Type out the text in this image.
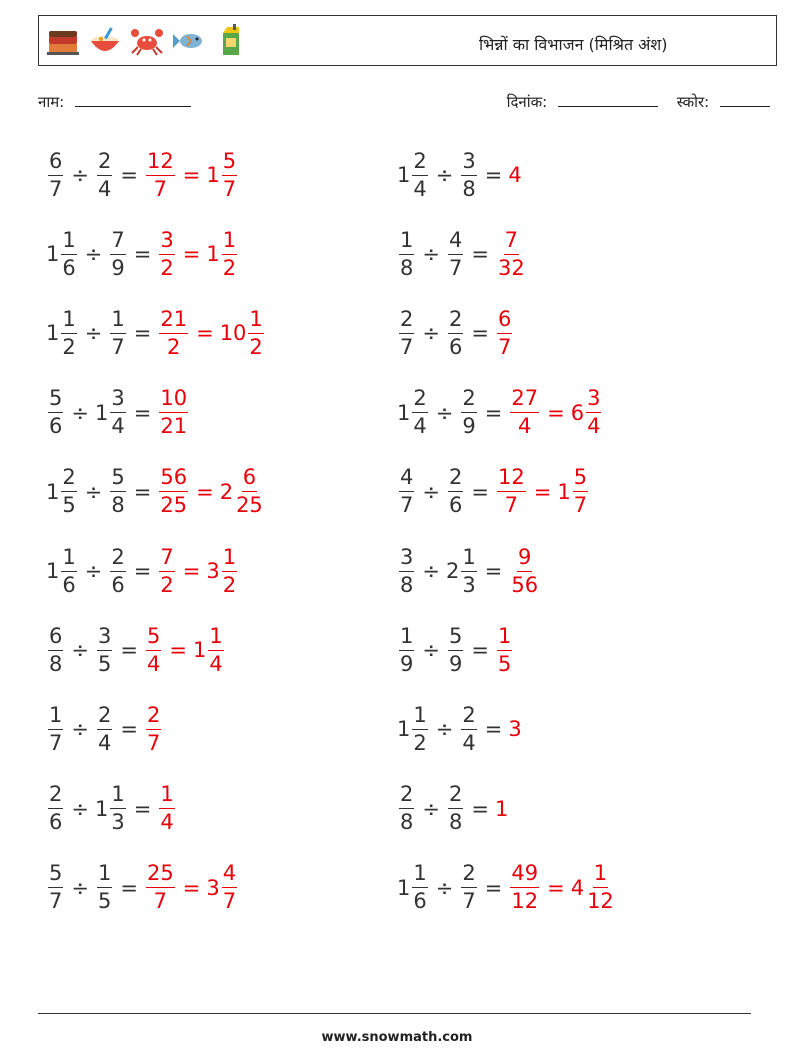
भिन्नों का विभाजन (मिश्रित अंश)
नाम:	दिनांक:	स्कोर:
$\frac{6}{7} \div \frac{2}{4} = \frac{12}{7} = 1 \frac{5}{7}$	$1 \frac{2}{4} \div \frac{3}{8} = 4$
$1 \frac{1}{6} \div \frac{7}{9} = \frac{3}{2} = 1 \frac{1}{2}$	$\frac{1}{8} \div \frac{4}{7} = \frac{7}{32}$
$1 \frac{1}{2} \div \frac{1}{7} = \frac{21}{2} = 10 \frac{1}{2}$	$\frac{2}{7} \div \frac{2}{6} = \frac{6}{7}$
$\frac{5}{6} \div 1 \frac{3}{4} = \frac{10}{21}$	$1 \frac{2}{4} \div \frac{2}{9} = \frac{27}{4} = 6 \frac{3}{4}$
$1 \frac{2}{5} \div \frac{5}{8} = \frac{56}{25} = 2 \frac{6}{25}$	$\frac{4}{7} \div \frac{2}{6} = \frac{12}{7} = 1 \frac{5}{7}$
$1 \frac{1}{6} \div \frac{2}{6} = \frac{7}{2} = 3 \frac{1}{2}$	$\frac{3}{8} \div 2 \frac{1}{3} = \frac{9}{56}$
$\frac{6}{8} \div \frac{3}{5} = \frac{5}{4} = 1 \frac{1}{4}$	$\frac{1}{9} \div \frac{5}{9} = \frac{1}{5}$
$\frac{1}{7} \div \frac{2}{4} = \frac{2}{7}$	$1 \frac{1}{2} \div \frac{2}{4} = 3$
$\frac{2}{6} \div 1 \frac{1}{3} = \frac{1}{4}$	$\frac{2}{8} \div \frac{2}{8} = 1$
$\frac{5}{7} \div \frac{1}{5} = \frac{25}{7} = 3 \frac{4}{7}$	$1 \frac{1}{6} \div \frac{2}{7} = \frac{49}{12} = 4 \frac{1}{12}$
www.snowmath.com
